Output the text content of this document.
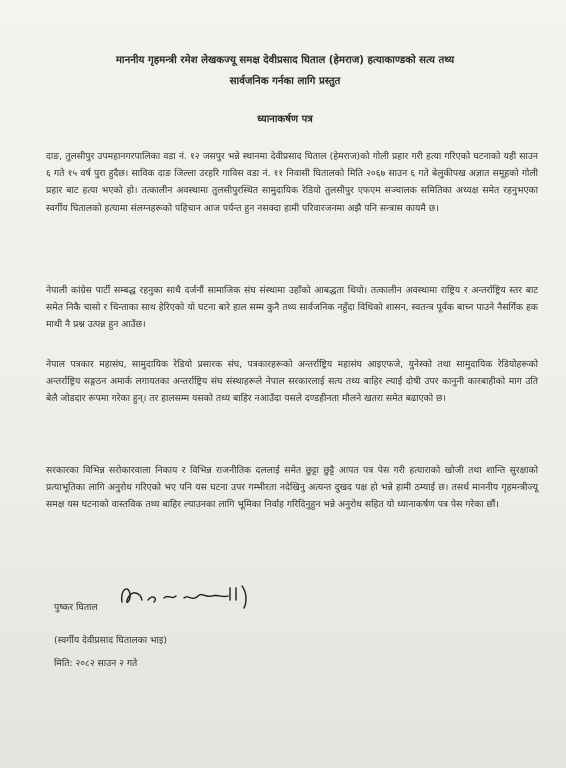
माननीय गृहमन्त्री रमेश लेखकज्यू समक्ष देवीप्रसाद घिताल (हेमराज) हत्याकाण्डको सत्य तथ्य
सार्वजनिक गर्नका लागि प्रस्तुत
ध्यानाकर्षण पत्र

दाङ, तुलसीपुर उपमहानगरपालिका वडा नं. १२ जसपुर भन्ने स्थानमा देवीप्रसाद घिताल (हेमराज)को गोली प्रहार गरी हत्या गरिएको घटनाको यही साउन ६ गते १५ वर्ष पुरा हुदैछ। साविक दाङ जिल्ला उरहरि गाविस वडा नं. ११ निवासी घितालको मिति २०६७ साउन ६ गते बेलुकीपख अज्ञात समूहको गोली प्रहार बाट हत्या भएको हो। तत्कालीन अवस्थामा तुलसीपुरस्थित सामुदायिक रेडियो तुलसीपुर एफएम सञ्चालक समितिका अध्यक्ष समेत रहनुभएका स्वर्गीय घितालको हत्यामा संलग्नहरूको पहिचान आज पर्यन्त हुन नसक्दा हामी परिवारजनमा अझै पनि सन्त्रास कायमै छ।

नेपाली कांग्रेस पार्टी सम्बद्ध रहनुका साथै दर्जनौं सामाजिक संघ संस्थामा उहाँको आबद्धता थियो। तत्कालीन अवस्थामा राष्ट्रिय र अन्तर्राष्ट्रिय स्तर बाट समेत निकै चासो र चिन्ताका साथ हेरिएको यो घटना बारे हाल सम्म कुनै तथ्य सार्वजनिक नहुँदा विधिको शासन, स्वतन्त्र पूर्वक बाच्न पाउने नैसर्गिक हक माथी नै प्रश्न उत्पन्न हुन आउँछ।

नेपाल पत्रकार महासंघ, सामुदायिक रेडियो प्रसारक संघ, पत्रकारहरूको अन्तर्राष्ट्रिय महासंघ आइएफजे, युनेस्को तथा सामुदायिक रेडियोहरूको अन्तर्राष्ट्रिय सङ्गठन अमार्क लगायतका अन्तर्राष्ट्रिय संघ संस्थाहरूले नेपाल सरकारलाई सत्य तथ्य बाहिर ल्याई दोषी उपर कानुनी कारबाहीको माग उति बेलै जोडदार रूपमा गरेका हुन्। तर हालसम्म यसको तथ्य बाहिर नआउँदा यसले दण्डहीनता मौलने खतरा समेत बढाएको छ।

सरकारका विभिन्न सरोकारवाला निकाय र विभिन्न राजनीतिक दललाई समेत छुट्टा छुट्टै आपत पत्र पेस गरी हत्याराको खोजी तथा शान्ति सुरक्षाको प्रत्याभूतिका लागि अनुरोध गरिएको भए पनि यस घटना उपर गम्भीरता नदेखिनु अत्यन्त दुखद पक्ष हो भन्ने हामी ठम्याई छ। तसर्थ माननीय गृहमन्त्रीज्यू समक्ष यस घटनाको वास्तविक तथ्य बाहिर ल्याउनका लागि भूमिका निर्वाह गरिदिनुहुन भन्ने अनुरोध सहित यो ध्यानाकर्षण पत्र पेस गरेका छौं।

पुष्कर घिताल
(स्वर्गीय देवीप्रसाद घितालका भाइ)
मिति: २०८२ साउन २ गते
